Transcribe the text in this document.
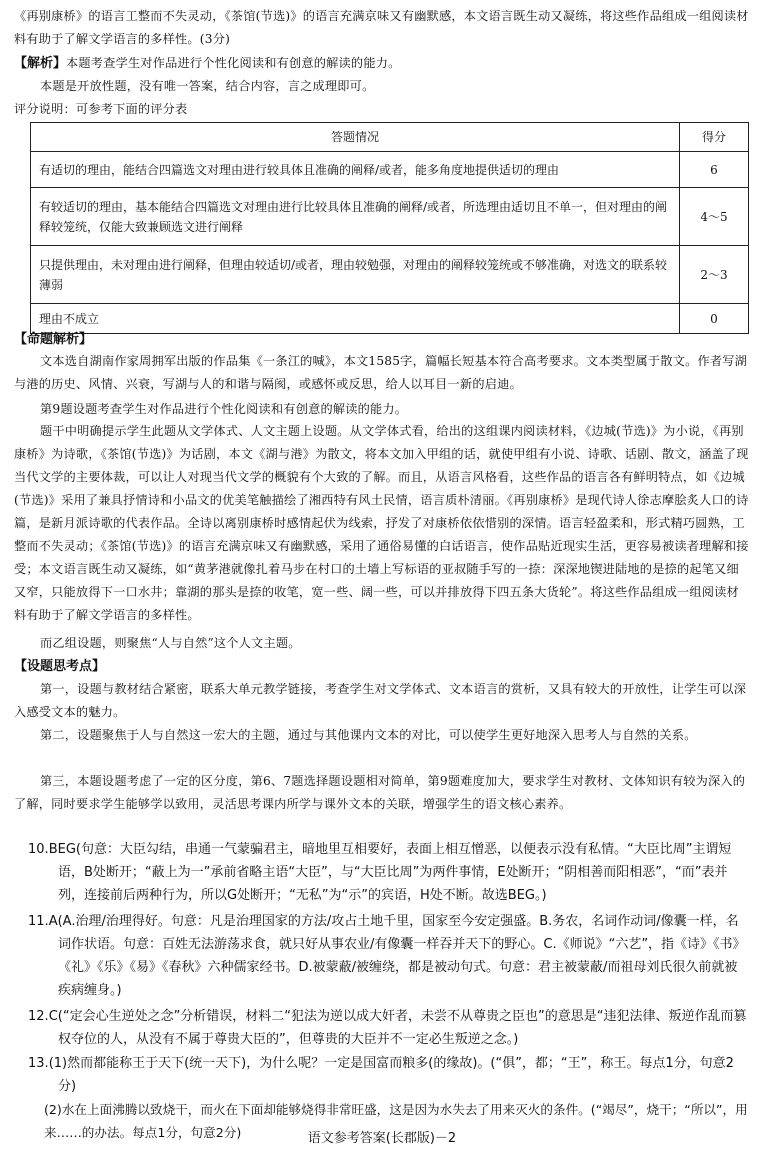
《再别康桥》的语言工整而不失灵动，《茶馆(节选)》的语言充满京味又有幽默感，本文语言既生动又凝练，将这些作品组成一组阅读材料有助于了解文学语言的多样性。(3分)

【解析】本题考查学生对作品进行个性化阅读和有创意的解读的能力。

本题是开放性题，没有唯一答案，结合内容，言之成理即可。

评分说明：可参考下面的评分表

答题情况	得分
有适切的理由，能结合四篇选文对理由进行较具体且准确的阐释/或者，能多角度地提供适切的理由	6
有较适切的理由，基本能结合四篇选文对理由进行比较具体且准确的阐释/或者，所选理由适切且不单一，但对理由的阐释较笼统，仅能大致兼顾选文进行阐释	4～5
只提供理由，未对理由进行阐释，但理由较适切/或者，理由较勉强，对理由的阐释较笼统或不够准确，对选文的联系较薄弱	2～3
理由不成立	0

【命题解析】

文本选自湖南作家周拥军出版的作品集《一条江的喊》，本文1585字，篇幅长短基本符合高考要求。文本类型属于散文。作者写湖与港的历史、风情、兴衰，写湖与人的和谐与隔阂，或感怀或反思，给人以耳目一新的启迪。

第9题设题考查学生对作品进行个性化阅读和有创意的解读的能力。

题干中明确提示学生此题从文学体式、人文主题上设题。从文学体式看，给出的这组课内阅读材料，《边城(节选)》为小说，《再别康桥》为诗歌，《茶馆(节选)》为话剧，本文《湖与港》为散文，将本文加入甲组的话，就使甲组有小说、诗歌、话剧、散文，涵盖了现当代文学的主要体裁，可以让人对现当代文学的概貌有个大致的了解。而且，从语言风格看，这些作品的语言各有鲜明特点，如《边城(节选)》采用了兼具抒情诗和小品文的优美笔触描绘了湘西特有风土民情，语言质朴清丽。《再别康桥》是现代诗人徐志摩脍炙人口的诗篇，是新月派诗歌的代表作品。全诗以离别康桥时感情起伏为线索，抒发了对康桥依依惜别的深情。语言轻盈柔和，形式精巧圆熟，工整而不失灵动；《茶馆(节选)》的语言充满京味又有幽默感，采用了通俗易懂的白话语言，使作品贴近现实生活，更容易被读者理解和接受；本文语言既生动又凝练，如“黄茅港就像扎着马步在村口的土墙上写标语的亚叔随手写的一捺：深深地锲进陆地的是捺的起笔又细又窄，只能放得下一口水井；靠湖的那头是捺的收笔，宽一些、阔一些，可以并排放得下四五条大货轮”。将这些作品组成一组阅读材料有助于了解文学语言的多样性。

而乙组设题，则聚焦“人与自然”这个人文主题。

【设题思考点】

第一，设题与教材结合紧密，联系大单元教学链接，考查学生对文学体式、文本语言的赏析，又具有较大的开放性，让学生可以深入感受文本的魅力。

第二，设题聚焦于人与自然这一宏大的主题，通过与其他课内文本的对比，可以使学生更好地深入思考人与自然的关系。

第三，本题设题考虑了一定的区分度，第6、7题选择题设题相对简单，第9题难度加大，要求学生对教材、文体知识有较为深入的了解，同时要求学生能够学以致用，灵活思考课内所学与课外文本的关联，增强学生的语文核心素养。

10.BEG(句意：大臣勾结，串通一气蒙骗君主，暗地里互相要好，表面上相互憎恶，以便表示没有私情。“大臣比周”主谓短语，B处断开；“蔽上为一”承前省略主语“大臣”，与“大臣比周”为两件事情，E处断开；“阴相善而阳相恶”，“而”表并列，连接前后两种行为，所以G处断开；“无私”为“示”的宾语，H处不断。故选BEG。)

11.A(A.治理/治理得好。句意：凡是治理国家的方法/攻占土地千里，国家至今安定强盛。B.务农，名词作动词/像囊一样，名词作状语。句意：百姓无法游荡求食，就只好从事农业/有像囊一样吞并天下的野心。C.《师说》“六艺”，指《诗》《书》《礼》《乐》《易》《春秋》六种儒家经书。D.被蒙蔽/被缠绕，都是被动句式。句意：君主被蒙蔽/而祖母刘氏很久前就被疾病缠身。)

12.C(“定会心生逆处之念”分析错误，材料二“犯法为逆以成大奸者，未尝不从尊贵之臣也”的意思是“违犯法律、叛逆作乱而篡权夺位的人，从没有不属于尊贵大臣的”，但尊贵的大臣并不一定必生叛逆之念。)

13.(1)然而都能称王于天下(统一天下)，为什么呢？一定是国富而粮多(的缘故)。(“俱”，都；“王”，称王。每点1分，句意2分)

(2)水在上面沸腾以致烧干，而火在下面却能够烧得非常旺盛，这是因为水失去了用来灭火的条件。(“竭尽”，烧干；“所以”，用来……的办法。每点1分，句意2分)	语文参考答案(长郡版)－2
